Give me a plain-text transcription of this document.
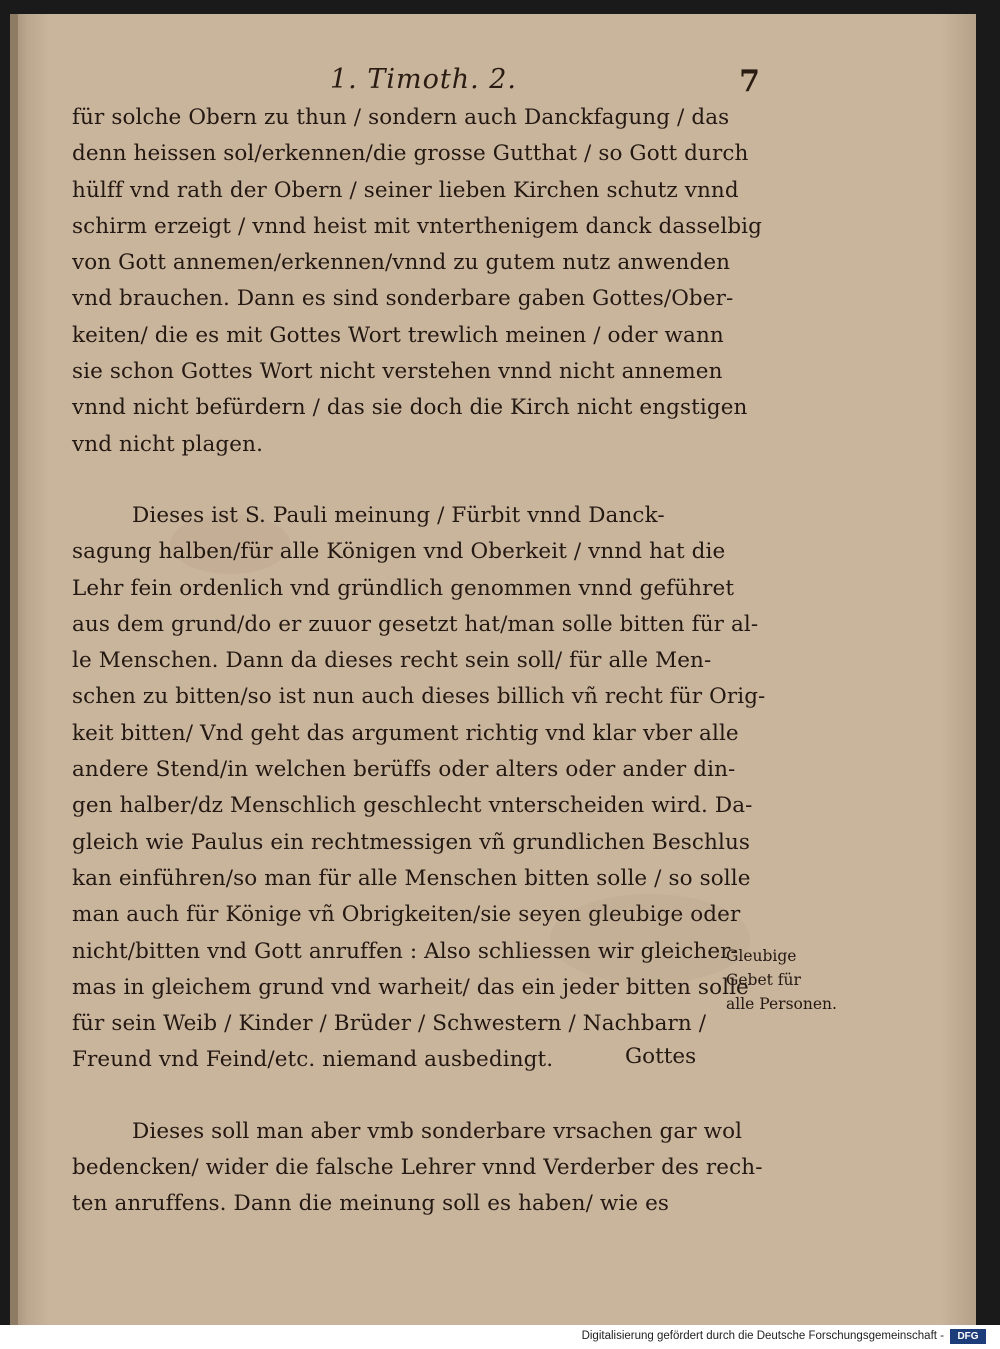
1. Timoth. 2.	7
für solche Obern zu thun / sondern auch Danckfagung / das
denn heissen sol/erkennen/die grosse Gutthat / so Gott durch
hülff vnd rath der Obern / seiner lieben Kirchen schutz vnnd
schirm erzeigt / vnnd heist mit vnterthenigem danck dasselbig
von Gott annemen/erkennen/vnnd zu gutem nutz anwenden
vnd brauchen. Dann es sind sonderbare gaben Gottes/Ober-
keiten/ die es mit Gottes Wort trewlich meinen / oder wann
sie schon Gottes Wort nicht verstehen vnnd nicht annemen
vnnd nicht befürdern / das sie doch die Kirch nicht engstigen
vnd nicht plagen.
Dieses ist S. Pauli meinung / Fürbit vnnd Danck-
sagung halben/für alle Königen vnd Oberkeit / vnnd hat die
Lehr fein ordenlich vnd gründlich genommen vnnd geführet
aus dem grund/do er zuuor gesetzt hat/man solle bitten für al-
le Menschen. Dann da dieses recht sein soll/ für alle Men-
schen zu bitten/so ist nun auch dieses billich vñ recht für Orig-
keit bitten/ Vnd geht das argument richtig vnd klar vber alle
andere Stend/in welchen berüffs oder alters oder ander din-
gen halber/dz Menschlich geschlecht vnterscheiden wird. Da-
gleich wie Paulus ein rechtmessigen vñ grundlichen Beschlus
kan einführen/so man für alle Menschen bitten solle / so solle
man auch für Könige vñ Obrigkeiten/sie seyen gleubige oder
nicht/bitten vnd Gott anruffen : Also schliessen wir gleicher-
mas in gleichem grund vnd warheit/ das ein jeder bitten solle
für sein Weib / Kinder / Brüder / Schwestern / Nachbarn /
Freund vnd Feind/etc. niemand ausbedingt.
Dieses soll man aber vmb sonderbare vrsachen gar wol
bedencken/ wider die falsche Lehrer vnnd Verderber des rech-
ten anruffens. Dann die meinung soll es haben/ wie es
Gleubige
Gebet für
alle Personen.
Gottes
Digitalisierung gefördert durch die Deutsche Forschungsgemeinschaft -	DFG
